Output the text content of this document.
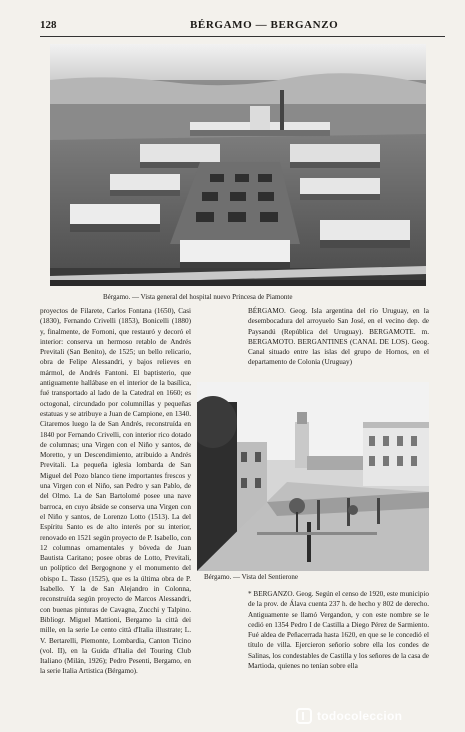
128	BÉRGAMO — BERGANZO
Bérgamo. — Vista general del hospital nuevo Princesa de Piamonte
Bérgamo. — Vista del Sentierone

proyectos de Filarete, Carlos Fontana (1650), Casi (1830), Fernando Crivelli (1853), Bonicelli (1880) y, finalmente, de Fornoni, que restauró y decoró el interior: conserva un hermoso retablo de Andrés Previtali (San Benito), de 1525; un bello relicario, obra de Felipe Alessandri, y bajos relieves en mármol, de Andrés Fantoni. El baptisterio, que antiguamente hallábase en el interior de la basílica, fué transportado al lado de la Catedral en 1660; es octogonal, circundado por columnillas y pequeñas estatuas y se atribuye a Juan de Campione, en 1340. Citaremos luego la de San Andrés, reconstruída en 1840 por Fernando Crivelli, con interior rico dotado de columnas; una Virgen con el Niño y santos, de Moretto, y un Descendimiento, atribuido a Andrés Previtali. La pequeña iglesia lombarda de San Miguel del Pozo blanco tiene importantes frescos y una Virgen con el Niño, san Pedro y san Pablo, de del Olmo. La de San Bartolomé posee una nave barroca, en cuyo ábside se conserva una Virgen con el Niño y santos, de Lorenzo Lotto (1513). La del Espíritu Santo es de alto interés por su interior, renovado en 1521 según proyecto de P. Isabello, con 12 columnas ornamentales y bóveda de Juan Bautista Caritano; posee obras de Lotto, Previtali, un políptico del Bergognone y el monumento del obispo L. Tasso (1525), que es la última obra de P. Isabello. Y la de San Alejandro in Colonna, reconstruída según proyecto de Marcos Alessandri, con buenas pinturas de Cavagna, Zucchi y Talpino. Bibliogr. Miguel Mattioni, Bergamo la città dei mille, en la serie Le cento città d'Italia illustrate; L. V. Bertarelli, Piemonte, Lombardia, Canton Ticino (vol. II), en la Guida d'Italia del Touring Club Italiano (Milán, 1926); Pedro Pesenti, Bergamo, en la serie Italia Artistica (Bérgamo).

BÉRGAMO. Geog. Isla argentina del río Uruguay, en la desembocadura del arroyuelo San José, en el vecino dep. de Paysandú (República del Uruguay). BERGAMOTE. m. BERGAMOTO. BERGANTINES (CANAL DE LOS). Geog. Canal situado entre las islas del grupo de Hornos, en el departamento de Colonia (Uruguay)

* BERGANZO. Geog. Según el censo de 1920, este municipio de la prov. de Álava cuenta 237 h. de hecho y 802 de derecho. Antiguamente se llamó Vergandon, y con este nombre se le cedió en 1354 Pedro I de Castilla a Diego Pérez de Sarmiento. Fué aldea de Peñacerrada hasta 1620, en que se le concedió el título de villa. Ejercieron señorío sobre ella los condes de Salinas, los condestables de Castilla y los señores de la casa de Martioda, quienes no tenían sobre ella

todocoleccion
